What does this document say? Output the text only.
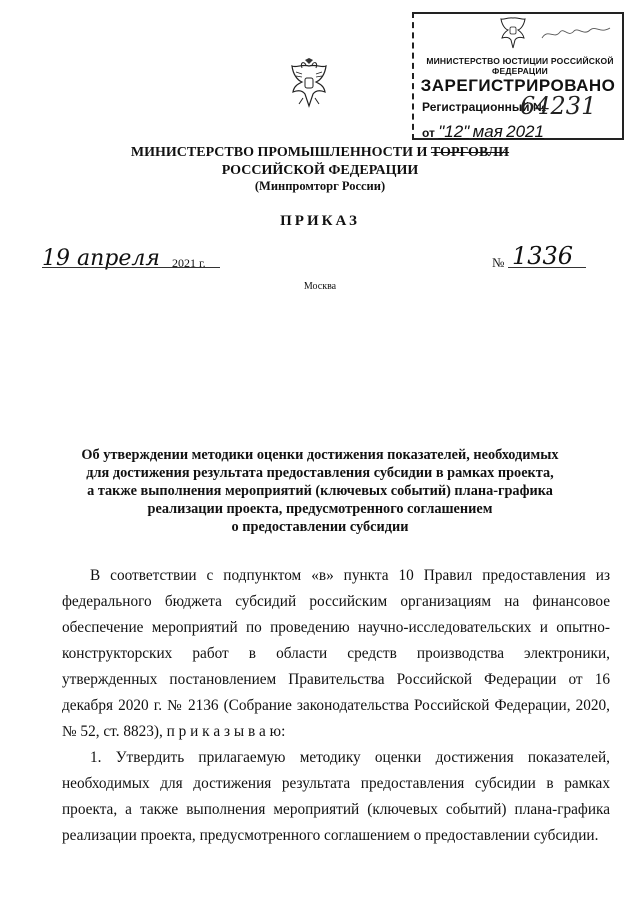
МИНИСТЕРСТВО ЮСТИЦИИ РОССИЙСКОЙ ФЕДЕРАЦИИ
ЗАРЕГИСТРИРОВАНО
Регистрационный №
64231
от "12" мая 2021
МИНИСТЕРСТВО ПРОМЫШЛЕННОСТИ И ТОРГОВЛИ
РОССИЙСКОЙ ФЕДЕРАЦИИ
(Минпромторг России)
ПРИКАЗ
19 апреля 2021 г.	№ 1336
Москва
Об утверждении методики оценки достижения показателей, необходимых
для достижения результата предоставления субсидии в рамках проекта,
а также выполнения мероприятий (ключевых событий) плана-графика
реализации проекта, предусмотренного соглашением
о предоставлении субсидии
В соответствии с подпунктом «в» пункта 10 Правил предоставления из федерального бюджета субсидий российским организациям на финансовое обеспечение мероприятий по проведению научно-исследовательских и опытно-конструкторских работ в области средств производства электроники, утвержденных постановлением Правительства Российской Федерации от 16 декабря 2020 г. № 2136 (Собрание законодательства Российской Федерации, 2020, № 52, ст. 8823), п р и к а з ы в а ю:
1. Утвердить прилагаемую методику оценки достижения показателей, необходимых для достижения результата предоставления субсидии в рамках проекта, а также выполнения мероприятий (ключевых событий) плана-графика реализации проекта, предусмотренного соглашением о предоставлении субсидии.
